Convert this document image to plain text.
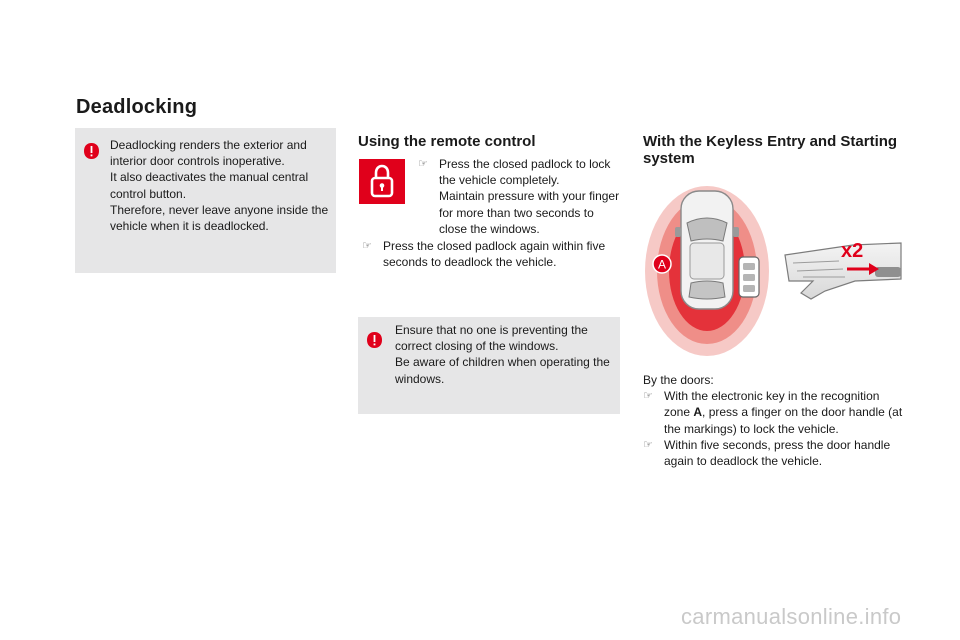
Deadlocking

Deadlocking renders the exterior and interior door controls inoperative.

It also deactivates the manual central control button.

Therefore, never leave anyone inside the vehicle when it is deadlocked.

Using the remote control
☞ Press the closed padlock to lock the vehicle completely.

Maintain pressure with your finger for more than two seconds to close the windows.

☞ Press the closed padlock again within five seconds to deadlock the vehicle.

Ensure that no one is preventing the correct closing of the windows.

Be aware of children when operating the windows.

With the Keyless Entry and Starting system
A
x2

By the doors:

☞ With the electronic key in the recognition zone A, press a finger on the door handle (at the markings) to lock the vehicle.

☞ Within five seconds, press the door handle again to deadlock the vehicle.

carmanualsonline.info
